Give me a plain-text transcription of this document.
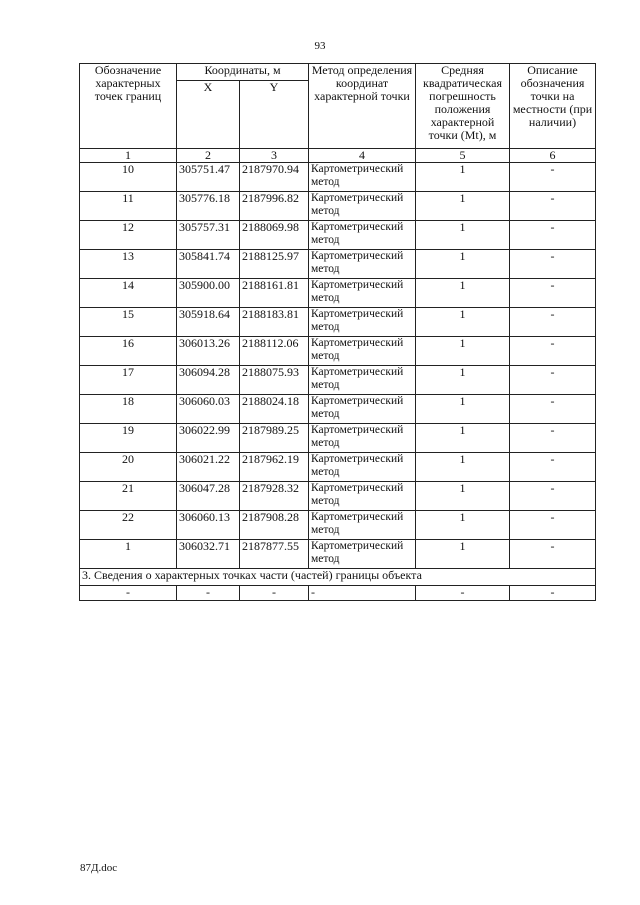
93
Обозначение характерных точек границ	Координаты, м		Метод определения координат характерной точки	Средняя квадратическая погрешность положения характерной точки (Mt), м	Описание обозначения точки на местности (при наличии)
	X	Y			
1	2	3	4	5	6
10	305751.47	2187970.94	Картометрический метод	1	-
11	305776.18	2187996.82	Картометрический метод	1	-
12	305757.31	2188069.98	Картометрический метод	1	-
13	305841.74	2188125.97	Картометрический метод	1	-
14	305900.00	2188161.81	Картометрический метод	1	-
15	305918.64	2188183.81	Картометрический метод	1	-
16	306013.26	2188112.06	Картометрический метод	1	-
17	306094.28	2188075.93	Картометрический метод	1	-
18	306060.03	2188024.18	Картометрический метод	1	-
19	306022.99	2187989.25	Картометрический метод	1	-
20	306021.22	2187962.19	Картометрический метод	1	-
21	306047.28	2187928.32	Картометрический метод	1	-
22	306060.13	2187908.28	Картометрический метод	1	-
1	306032.71	2187877.55	Картометрический метод	1	-
3. Сведения о характерных точках части (частей) границы объекта					
-	-	-	-	-	-
87Д.doc
